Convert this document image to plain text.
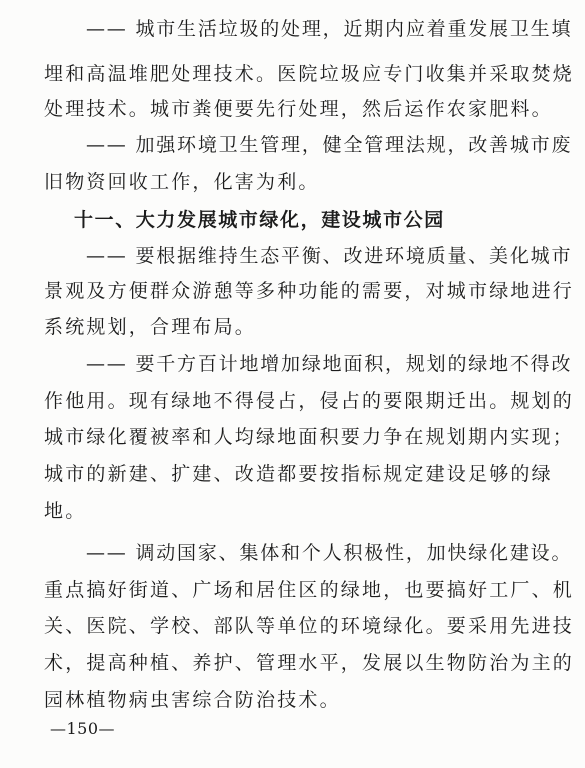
—— 城市生活垃圾的处理，近期内应着重发展卫生填
埋和高温堆肥处理技术。医院垃圾应专门收集并采取焚烧
处理技术。城市粪便要先行处理，然后运作农家肥料。
—— 加强环境卫生管理，健全管理法规，改善城市废
旧物资回收工作，化害为利。
十一、大力发展城市绿化，建设城市公园
—— 要根据维持生态平衡、改进环境质量、美化城市
景观及方便群众游憩等多种功能的需要，对城市绿地进行
系统规划，合理布局。
—— 要千方百计地增加绿地面积，规划的绿地不得改
作他用。现有绿地不得侵占，侵占的要限期迁出。规划的
城市绿化覆被率和人均绿地面积要力争在规划期内实现；
城市的新建、扩建、改造都要按指标规定建设足够的绿
地。
—— 调动国家、集体和个人积极性，加快绿化建设。
重点搞好街道、广场和居住区的绿地，也要搞好工厂、机
关、医院、学校、部队等单位的环境绿化。要采用先进技
术，提高种植、养护、管理水平，发展以生物防治为主的
园林植物病虫害综合防治技术。
—150—
